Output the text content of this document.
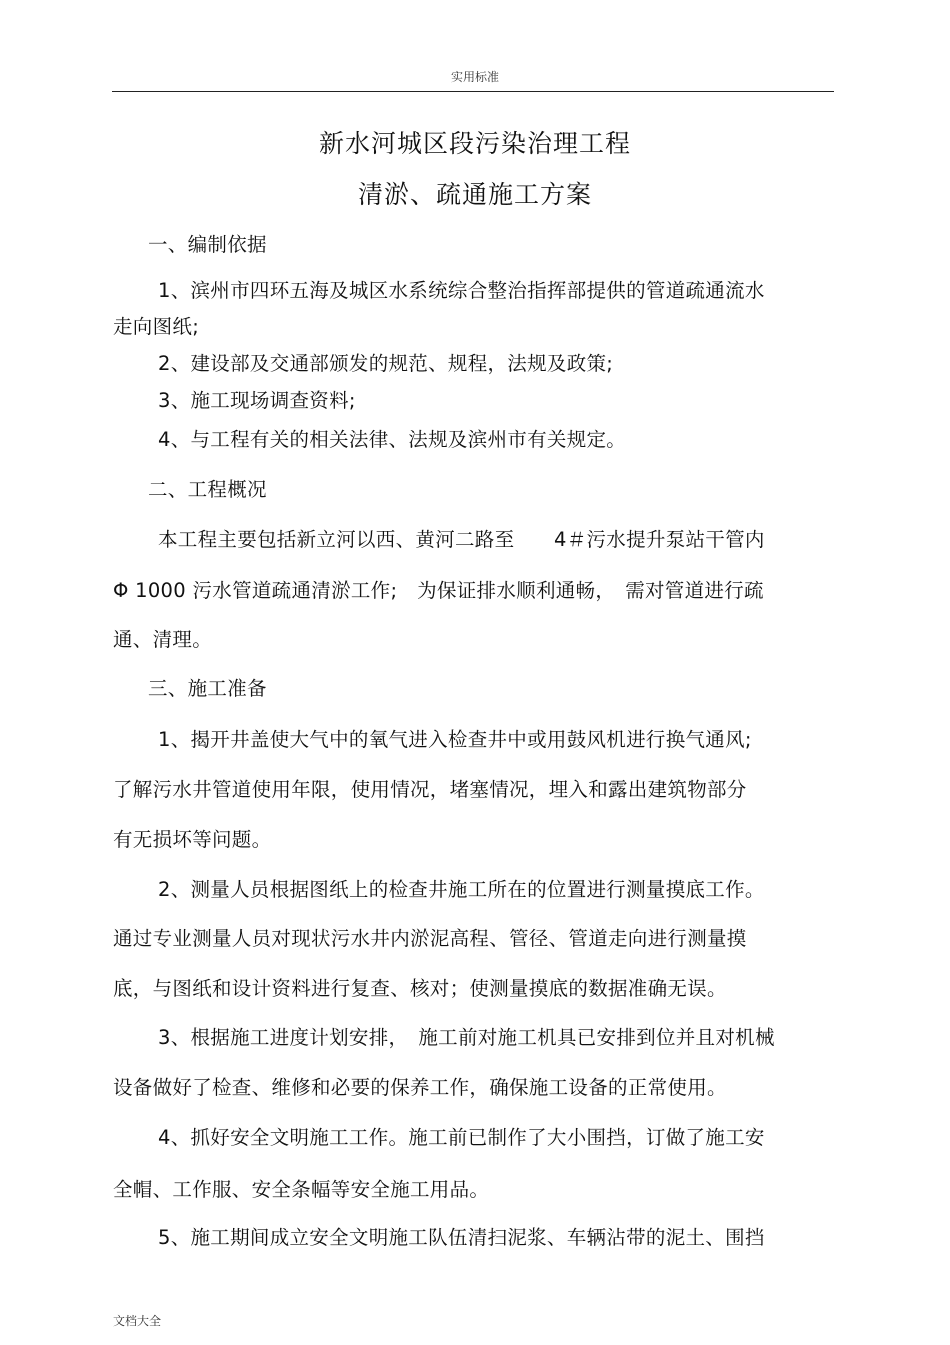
实用标准
新水河城区段污染治理工程
清淤、疏通施工方案
一、编制依据
1、滨州市四环五海及城区水系统综合整治指挥部提供的管道疏通流水
走向图纸;
2、建设部及交通部颁发的规范、规程，法规及政策;
3、施工现场调查资料;
4、与工程有关的相关法律、法规及滨州市有关规定。
二、工程概况
本工程主要包括新立河以西、黄河二路至　　4＃污水提升泵站干管内
Φ 1000 污水管道疏通清淤工作;　为保证排水顺利通畅，　需对管道进行疏
通、清理。
三、施工准备
1、揭开井盖使大气中的氧气进入检查井中或用鼓风机进行换气通风;
了解污水井管道使用年限，使用情况，堵塞情况，埋入和露出建筑物部分
有无损坏等问题。
2、测量人员根据图纸上的检查井施工所在的位置进行测量摸底工作。
通过专业测量人员对现状污水井内淤泥高程、管径、管道走向进行测量摸
底，与图纸和设计资料进行复查、核对；使测量摸底的数据准确无误。
3、根据施工进度计划安排，　施工前对施工机具已安排到位并且对机械
设备做好了检查、维修和必要的保养工作，确保施工设备的正常使用。
4、抓好安全文明施工工作。施工前已制作了大小围挡，订做了施工安
全帽、工作服、安全条幅等安全施工用品。
5、施工期间成立安全文明施工队伍清扫泥浆、车辆沾带的泥土、围挡
文档大全
